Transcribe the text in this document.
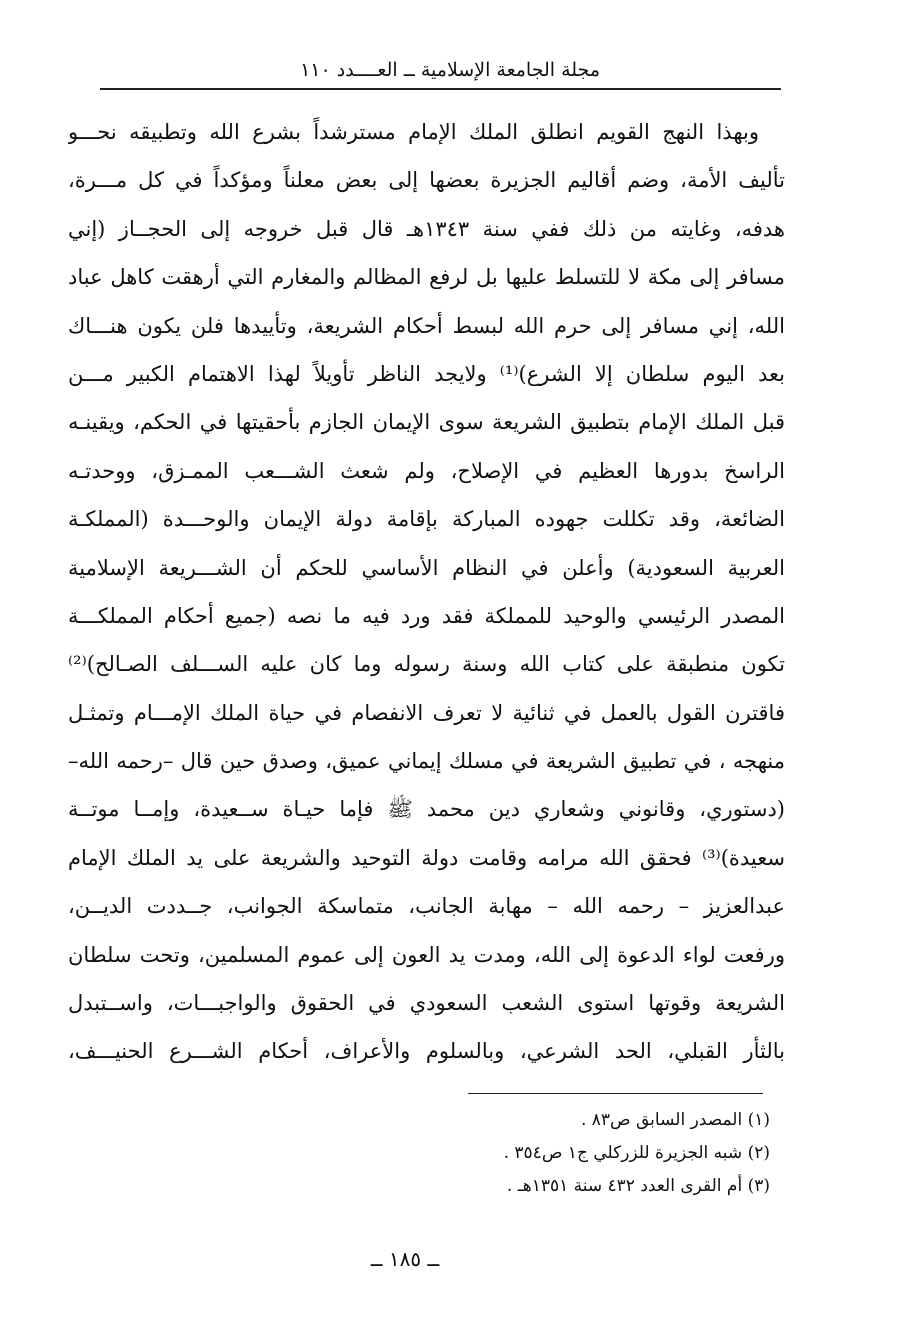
مجلة الجامعة الإسلامية ــ العــــدد ١١٠
وبهذا النهج القويم انطلق الملك الإمام مسترشداً بشرع الله وتطبيقه نحـــو
تأليف الأمة، وضم أقاليم الجزيرة بعضها إلى بعض معلناً ومؤكداً في كل مـــرة،
هدفه، وغايته من ذلك ففي سنة ١٣٤٣هـ قال قبل خروجه إلى الحجــاز (إني
مسافر إلى مكة لا للتسلط عليها بل لرفع المظالم والمغارم التي أرهقت كاهل عباد
الله، إني مسافر إلى حرم الله لبسط أحكام الشريعة، وتأييدها فلن يكون هنـــاك
بعد اليوم سلطان إلا الشرع)⁽¹⁾ ولايجد الناظر تأويلاً لهذا الاهتمام الكبير مـــن
قبل الملك الإمام بتطبيق الشريعة سوى الإيمان الجازم بأحقيتها في الحكم، ويقينـه
الراسخ بدورها العظيم في الإصلاح، ولم شعث الشـــعب الممـزق، ووحدتـه
الضائعة، وقد تكللت جهوده المباركة بإقامة دولة الإيمان والوحـــدة (المملكـة
العربية السعودية) وأعلن في النظام الأساسي للحكم أن الشـــريعة الإسلامية
المصدر الرئيسي والوحيد للمملكة فقد ورد فيه ما نصه (جميع أحكام المملكـــة
تكون منطبقة على كتاب الله وسنة رسوله وما كان عليه الســـلف الصـالح)⁽²⁾
فاقترن القول بالعمل في ثنائية لا تعرف الانفصام في حياة الملك الإمـــام وتمثـل
منهجه ، في تطبيق الشريعة في مسلك إيماني عميق، وصدق حين قال –رحمه الله–
(دستوري، وقانوني وشعاري دين محمد ﷺ فإما حيـاة ســعيدة، وإمــا موتــة
سعيدة)⁽³⁾ فحقق الله مرامه وقامت دولة التوحيد والشريعة على يد الملك الإمام
عبدالعزيز – رحمه الله – مهابة الجانب، متماسكة الجوانب، جــددت الديــن،
ورفعت لواء الدعوة إلى الله، ومدت يد العون إلى عموم المسلمين، وتحت سلطان
الشريعة وقوتها استوى الشعب السعودي في الحقوق والواجبـــات، واســتبدل
بالثأر القبلي، الحد الشرعي، وبالسلوم والأعراف، أحكام الشـــرع الحنيـــف،
(١) المصدر السابق ص٨٣ .
(٢) شبه الجزيرة للزركلي ج١ ص٣٥٤ .
(٣) أم القرى العدد ٤٣٢ سنة ١٣٥١هـ .
ــ ١٨٥ ــ
